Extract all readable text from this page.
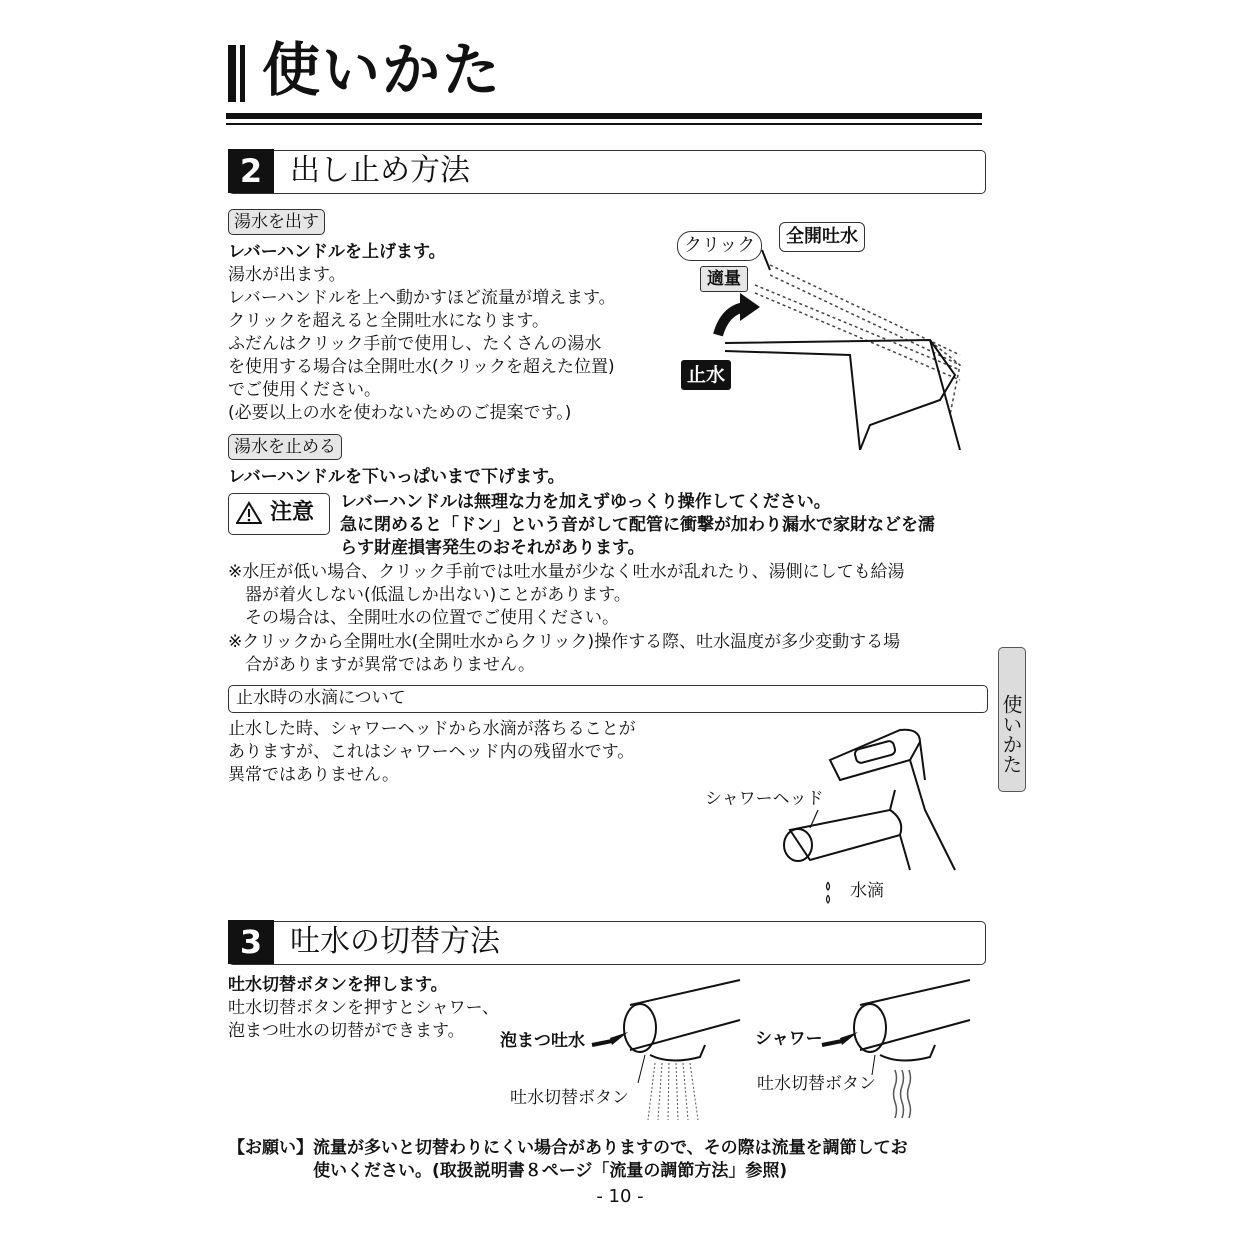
使いかた
2 出し止め方法
湯水を出す
レバーハンドルを上げます。
湯水が出ます。
レバーハンドルを上へ動かすほど流量が増えます。
クリックを超えると全開吐水になります。
ふだんはクリック手前で使用し、たくさんの湯水
を使用する場合は全開吐水(クリックを超えた位置)
でご使用ください。
(必要以上の水を使わないためのご提案です。)
クリック	全開吐水
適量
止水
湯水を止める
レバーハンドルを下いっぱいまで下げます。
注意 レバーハンドルは無理な力を加えずゆっくり操作してください。
急に閉めると「ドン」という音がして配管に衝撃が加わり漏水で家財などを濡
らす財産損害発生のおそれがあります。
※水圧が低い場合、クリック手前では吐水量が少なく吐水が乱れたり、湯側にしても給湯
　器が着火しない(低温しか出ない)ことがあります。
　その場合は、全開吐水の位置でご使用ください。
※クリックから全開吐水(全開吐水からクリック)操作する際、吐水温度が多少変動する場
　合がありますが異常ではありません。
止水時の水滴について
止水した時、シャワーヘッドから水滴が落ちることが
ありますが、これはシャワーヘッド内の残留水です。
異常ではありません。
シャワーヘッド
水滴
使いかた
3 吐水の切替方法
吐水切替ボタンを押します。
吐水切替ボタンを押すとシャワー、
泡まつ吐水の切替ができます。	泡まつ吐水	シャワー
吐水切替ボタン
吐水切替ボタン
【お願い】流量が多いと切替わりにくい場合がありますので、その際は流量を調節してお
　　　　　使いください。(取扱説明書８ページ「流量の調節方法」参照)
- 10 -
